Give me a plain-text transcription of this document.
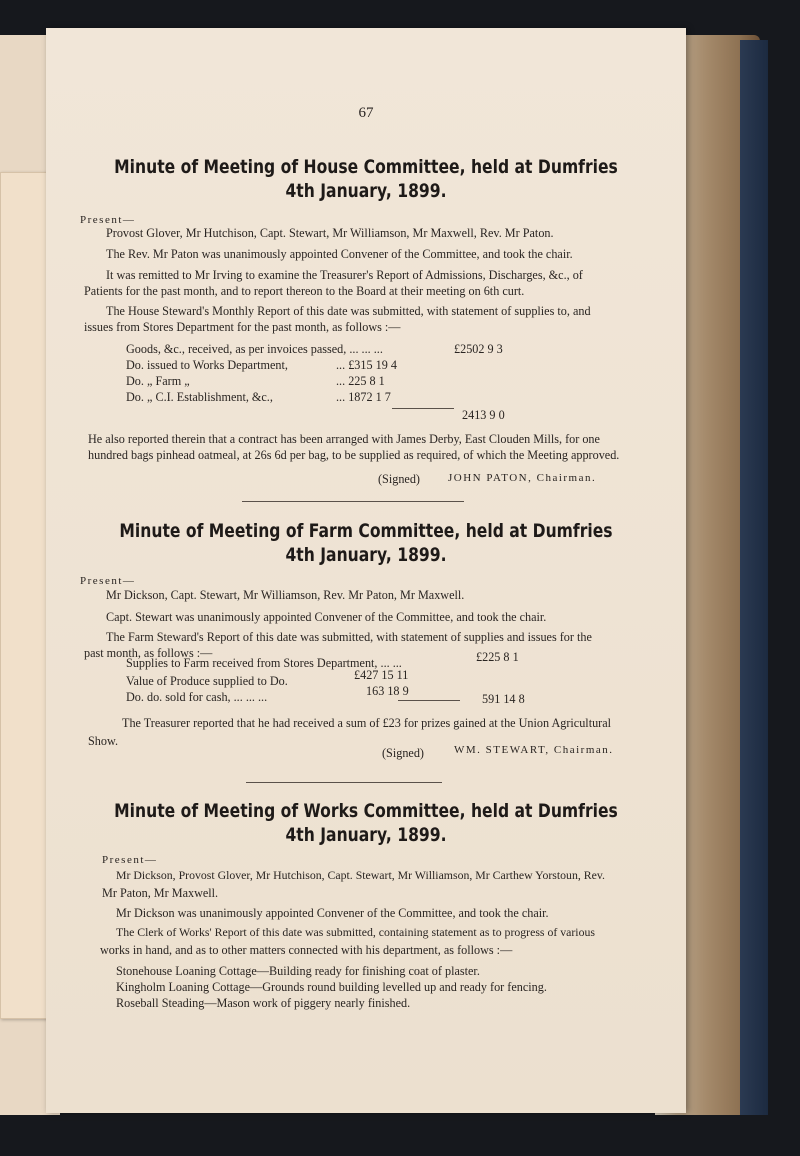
67
Minute of Meeting of House Committee, held at Dumfries
4th January, 1899.
Present—
Provost Glover, Mr Hutchison, Capt. Stewart, Mr Williamson, Mr Maxwell, Rev. Mr Paton.
The Rev. Mr Paton was unanimously appointed Convener of the Committee, and took the chair.
It was remitted to Mr Irving to examine the Treasurer's Report of Admissions, Discharges, &c., of
Patients for the past month, and to report thereon to the Board at their meeting on 6th curt.
The House Steward's Monthly Report of this date was submitted, with statement of supplies to, and
issues from Stores Department for the past month, as follows :—
Goods, &c., received, as per invoices passed, ... ... ...	£2502 9 3
Do. issued to Works Department,	... £315 19 4
Do. „ Farm „	... 225 8 1
Do. „ C.I. Establishment, &c.,	... 1872 1 7
2413 9 0
He also reported therein that a contract has been arranged with James Derby, East Clouden Mills, for one
hundred bags pinhead oatmeal, at 26s 6d per bag, to be supplied as required, of which the Meeting approved.
(Signed)	JOHN PATON, Chairman.
Minute of Meeting of Farm Committee, held at Dumfries
4th January, 1899.
Present—
Mr Dickson, Capt. Stewart, Mr Williamson, Rev. Mr Paton, Mr Maxwell.
Capt. Stewart was unanimously appointed Convener of the Committee, and took the chair.
The Farm Steward's Report of this date was submitted, with statement of supplies and issues for the
past month, as follows :—
Supplies to Farm received from Stores Department, ... ...	£225 8 1
Value of Produce supplied to Do.	£427 15 11
Do. do. sold for cash, ... ... ...	163 18 9
591 14 8
The Treasurer reported that he had received a sum of £23 for prizes gained at the Union Agricultural
Show.
(Signed)	WM. STEWART, Chairman.
Minute of Meeting of Works Committee, held at Dumfries
4th January, 1899.
Present—
Mr Dickson, Provost Glover, Mr Hutchison, Capt. Stewart, Mr Williamson, Mr Carthew Yorstoun, Rev.
Mr Paton, Mr Maxwell.
Mr Dickson was unanimously appointed Convener of the Committee, and took the chair.
The Clerk of Works' Report of this date was submitted, containing statement as to progress of various
works in hand, and as to other matters connected with his department, as follows :—
Stonehouse Loaning Cottage—Building ready for finishing coat of plaster.
Kingholm Loaning Cottage—Grounds round building levelled up and ready for fencing.
Roseball Steading—Mason work of piggery nearly finished.
